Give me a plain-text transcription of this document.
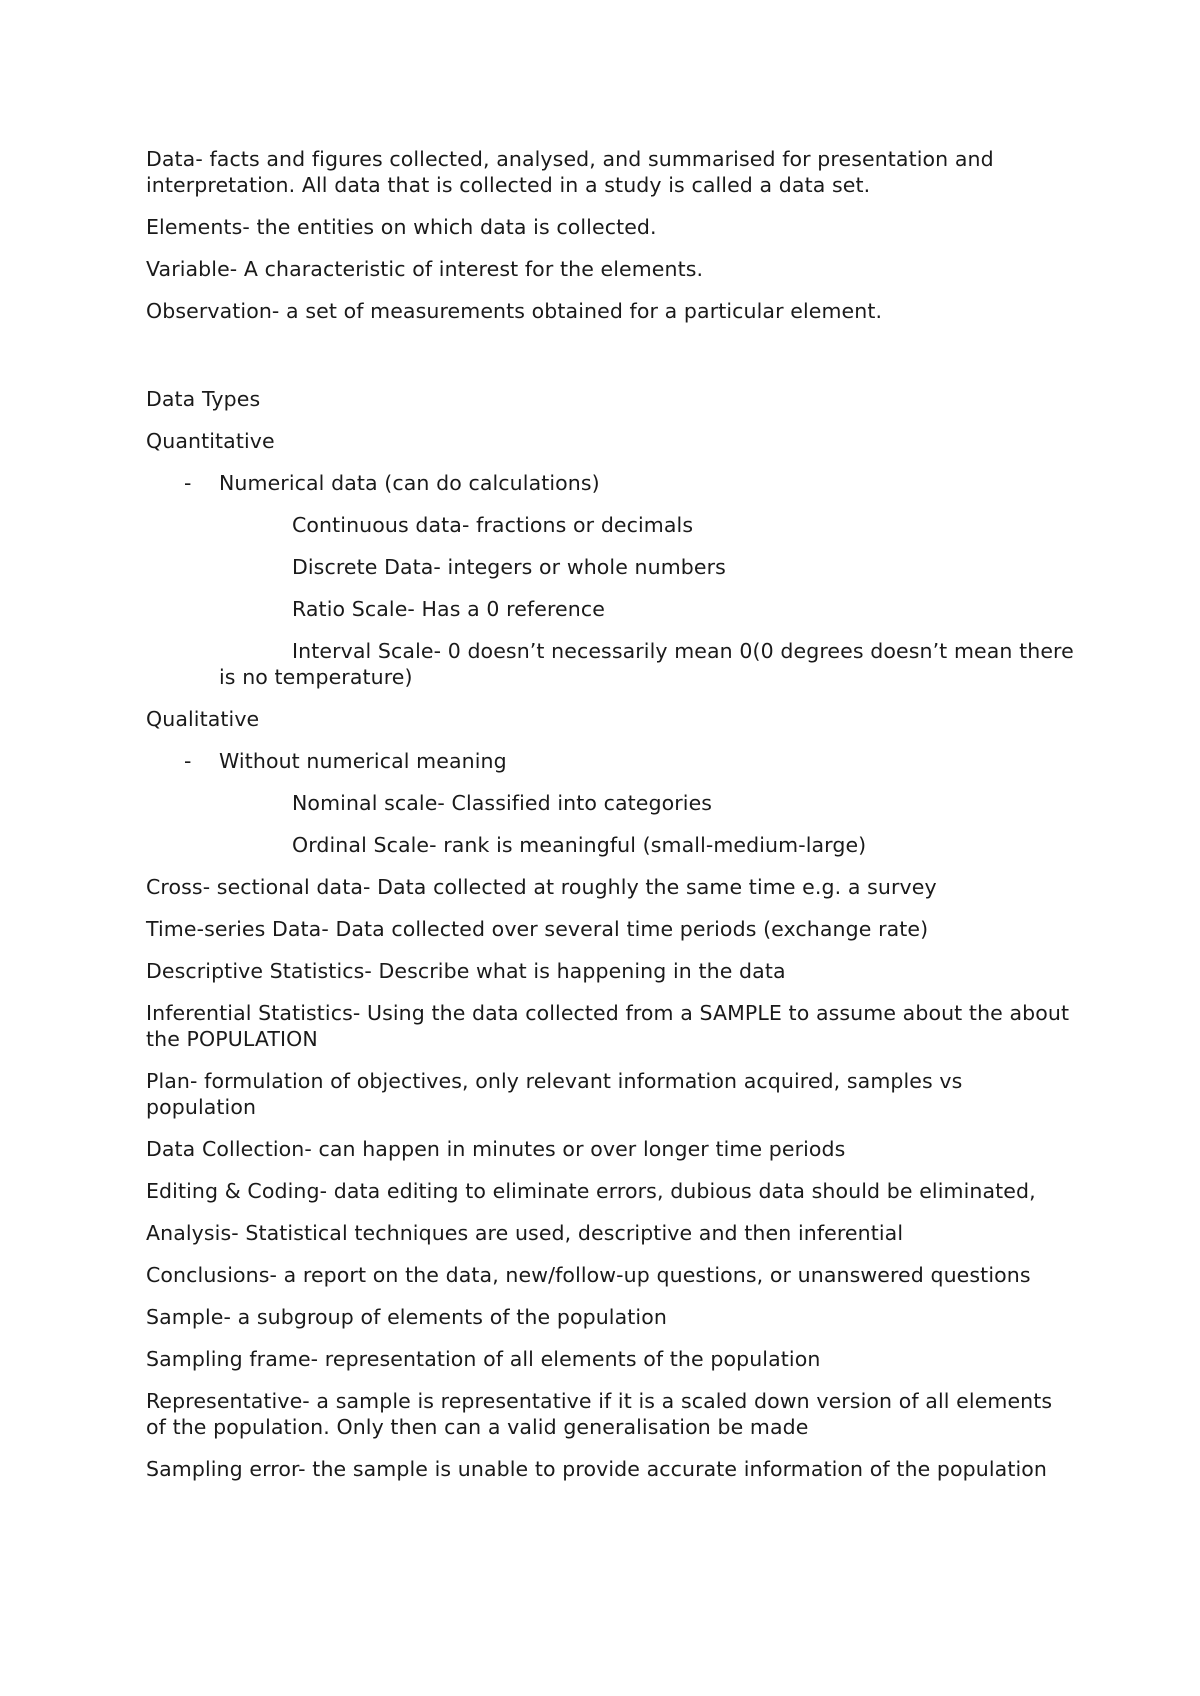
Data- facts and figures collected, analysed, and summarised for presentation and interpretation. All data that is collected in a study is called a data set.

Elements- the entities on which data is collected.

Variable- A characteristic of interest for the elements.

Observation- a set of measurements obtained for a particular element.

Data Types

Quantitative

- Numerical data (can do calculations)

Continuous data- fractions or decimals

Discrete Data- integers or whole numbers

Ratio Scale- Has a 0 reference

Interval Scale- 0 doesn’t necessarily mean 0(0 degrees doesn’t mean there is no temperature)

Qualitative

- Without numerical meaning

Nominal scale- Classified into categories

Ordinal Scale- rank is meaningful (small-medium-large)

Cross- sectional data- Data collected at roughly the same time e.g. a survey

Time-series Data- Data collected over several time periods (exchange rate)

Descriptive Statistics- Describe what is happening in the data

Inferential Statistics- Using the data collected from a SAMPLE to assume about the about the POPULATION

Plan- formulation of objectives, only relevant information acquired, samples vs population

Data Collection- can happen in minutes or over longer time periods

Editing & Coding- data editing to eliminate errors, dubious data should be eliminated,

Analysis- Statistical techniques are used, descriptive and then inferential

Conclusions- a report on the data, new/follow-up questions, or unanswered questions

Sample- a subgroup of elements of the population

Sampling frame- representation of all elements of the population

Representative- a sample is representative if it is a scaled down version of all elements of the population. Only then can a valid generalisation be made

Sampling error- the sample is unable to provide accurate information of the population
